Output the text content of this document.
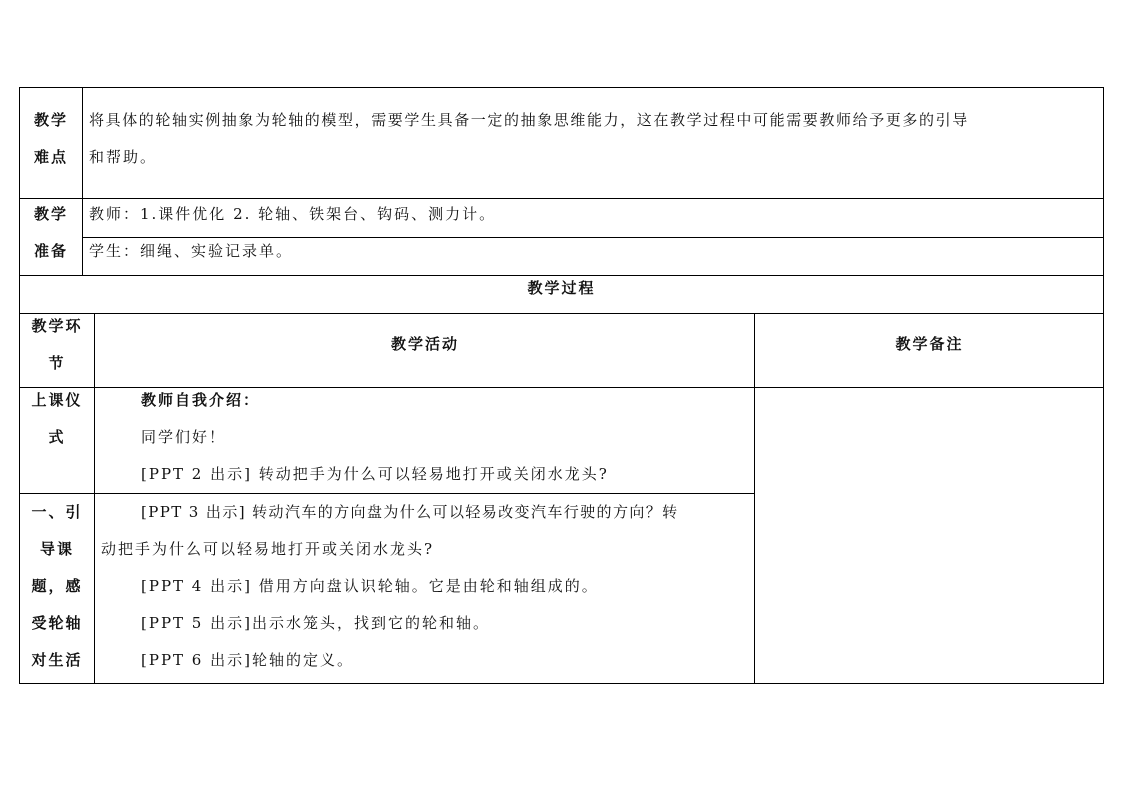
教学
难点
将具体的轮轴实例抽象为轮轴的模型，需要学生具备一定的抽象思维能力，这在教学过程中可能需要教师给予更多的引导
和帮助。
教学
准备
教师：1.课件优化 2. 轮轴、铁架台、钩码、测力计。
学生：细绳、实验记录单。
教学过程
教学环
节
教学活动	教学备注
上课仪
式
教师自我介绍：
同学们好！
[PPT 2 出示] 转动把手为什么可以轻易地打开或关闭水龙头?
一、引
导课
题，感
受轮轴
对生活
[PPT 3 出示] 转动汽车的方向盘为什么可以轻易改变汽车行驶的方向？转
动把手为什么可以轻易地打开或关闭水龙头?
[PPT 4 出示] 借用方向盘认识轮轴。它是由轮和轴组成的。
[PPT 5 出示]出示水笼头，找到它的轮和轴。
[PPT 6 出示]轮轴的定义。
